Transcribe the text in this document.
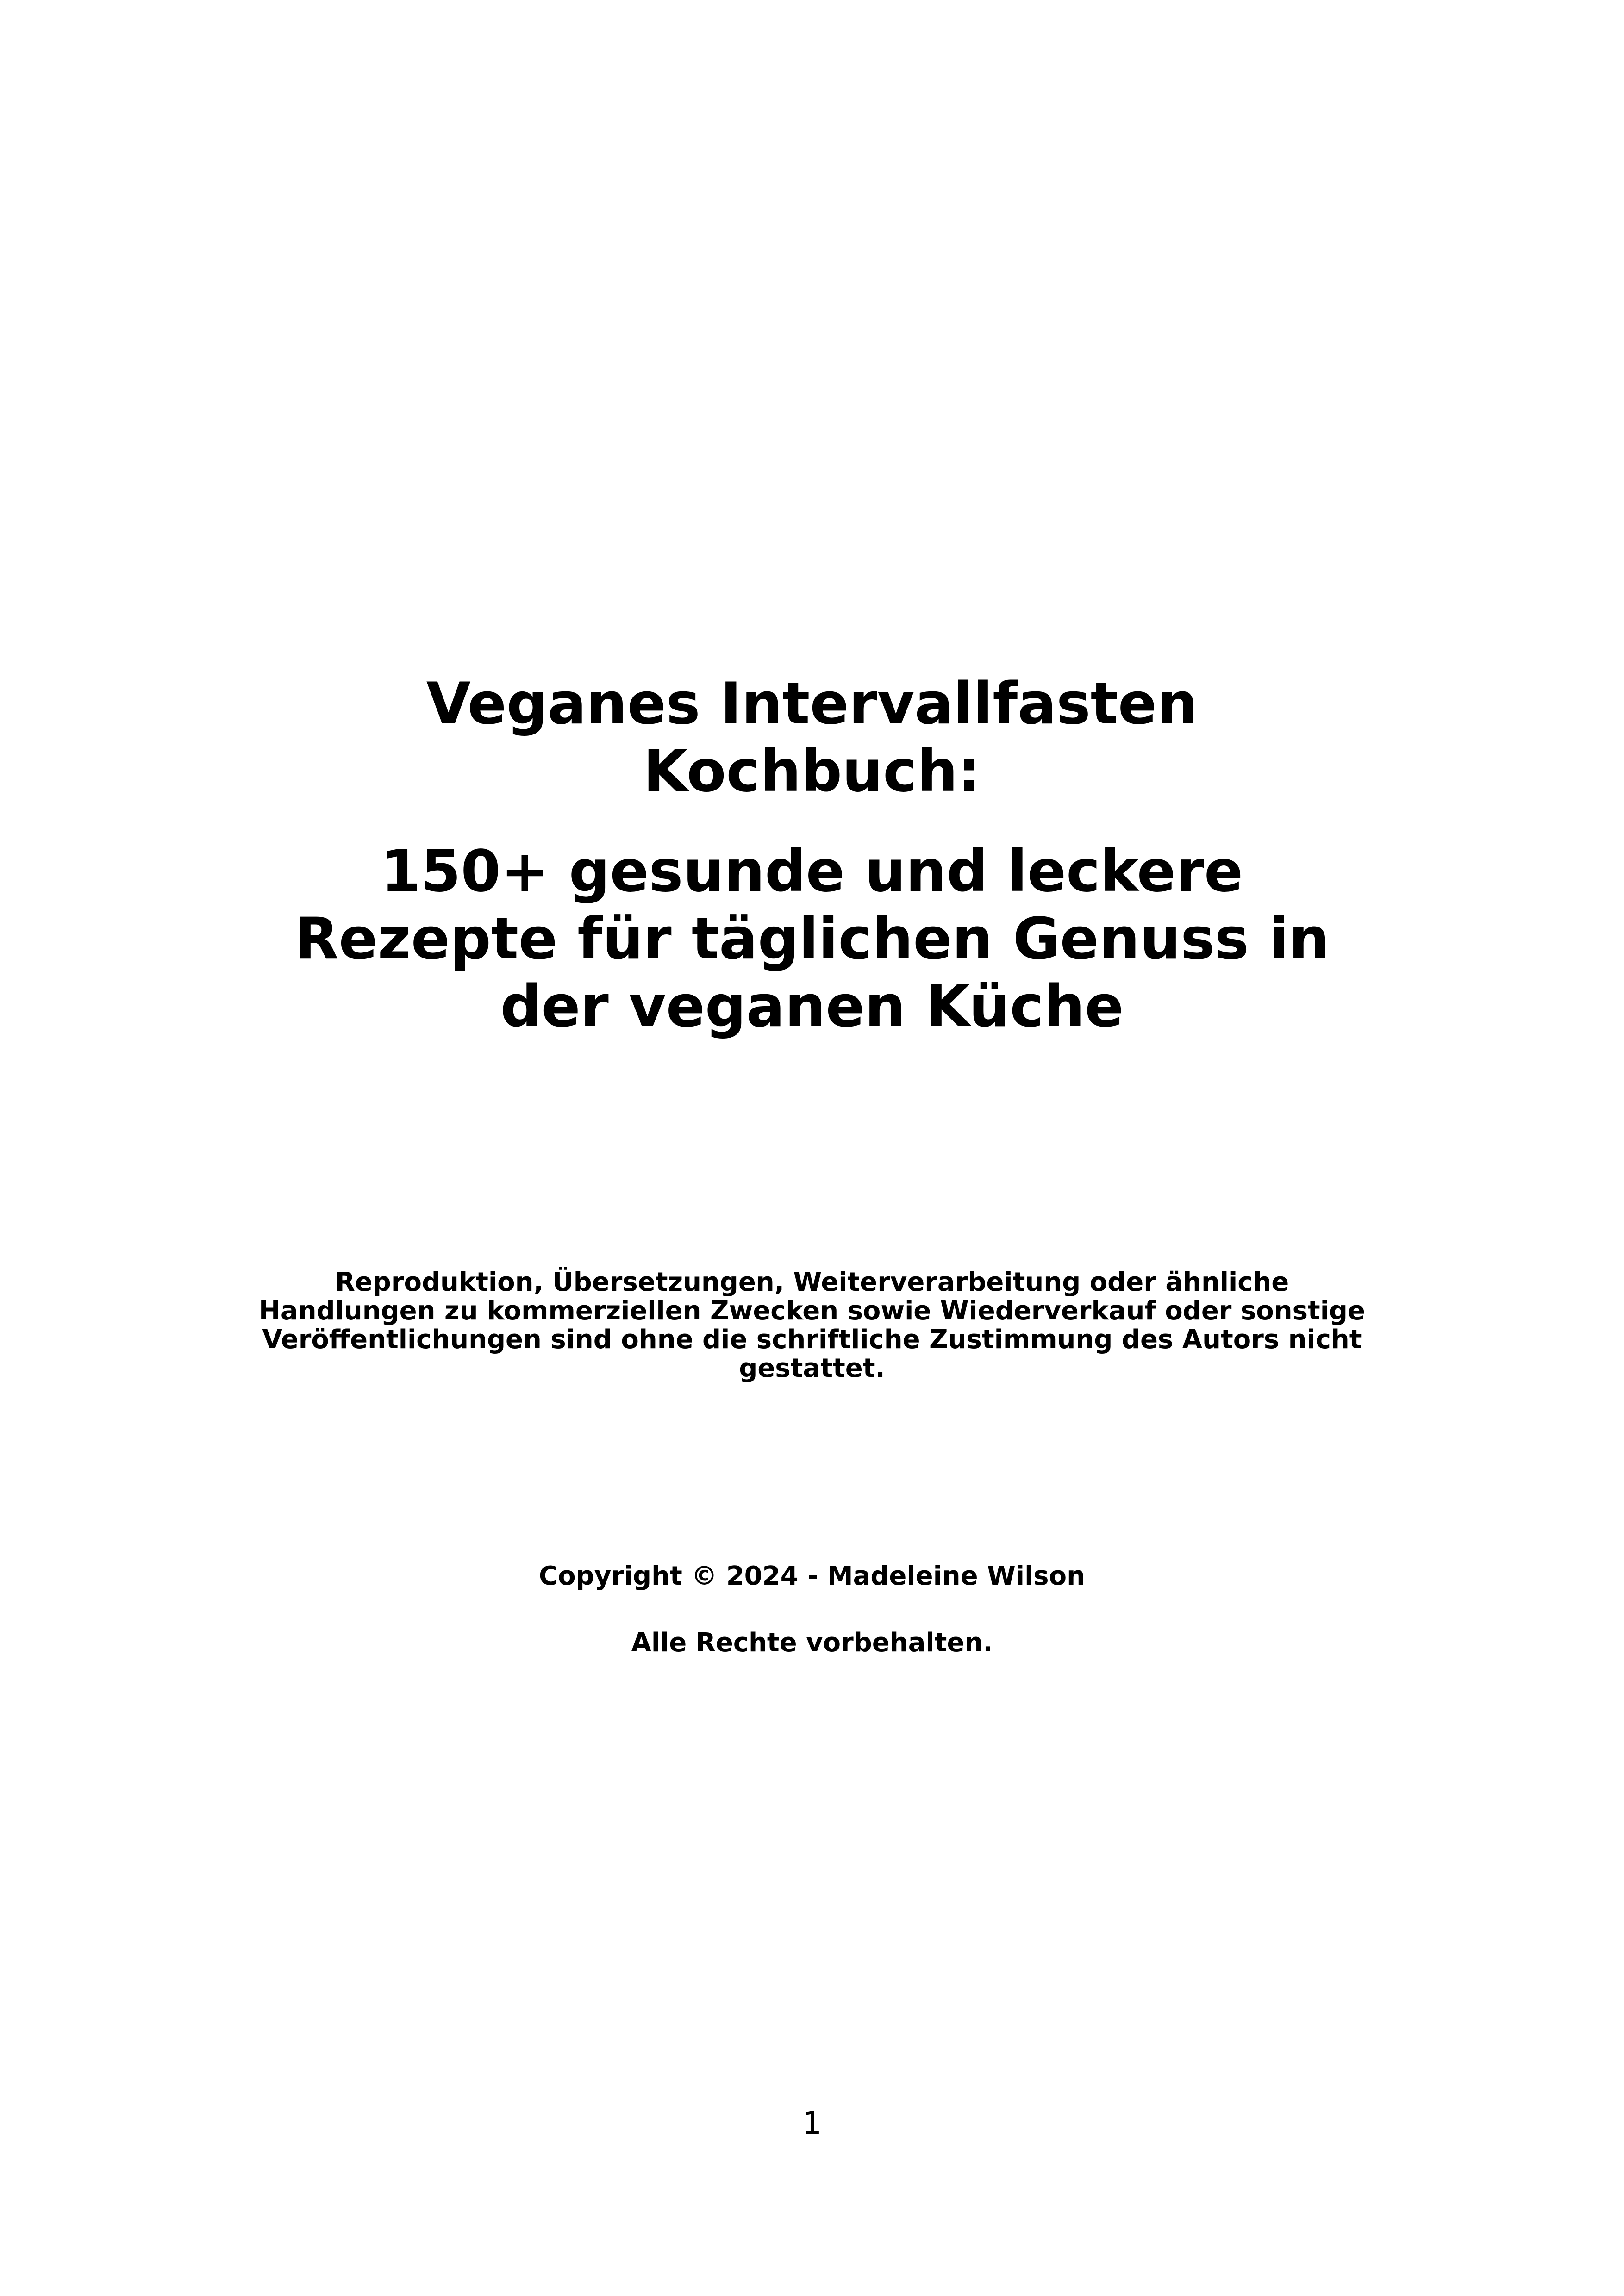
Veganes Intervallfasten
Kochbuch:
150+ gesunde und leckere
Rezepte für täglichen Genuss in
der veganen Küche
Reproduktion, Übersetzungen, Weiterverarbeitung oder ähnliche
Handlungen zu kommerziellen Zwecken sowie Wiederverkauf oder sonstige
Veröffentlichungen sind ohne die schriftliche Zustimmung des Autors nicht
gestattet.
Copyright © 2024 - Madeleine Wilson
Alle Rechte vorbehalten.
1
